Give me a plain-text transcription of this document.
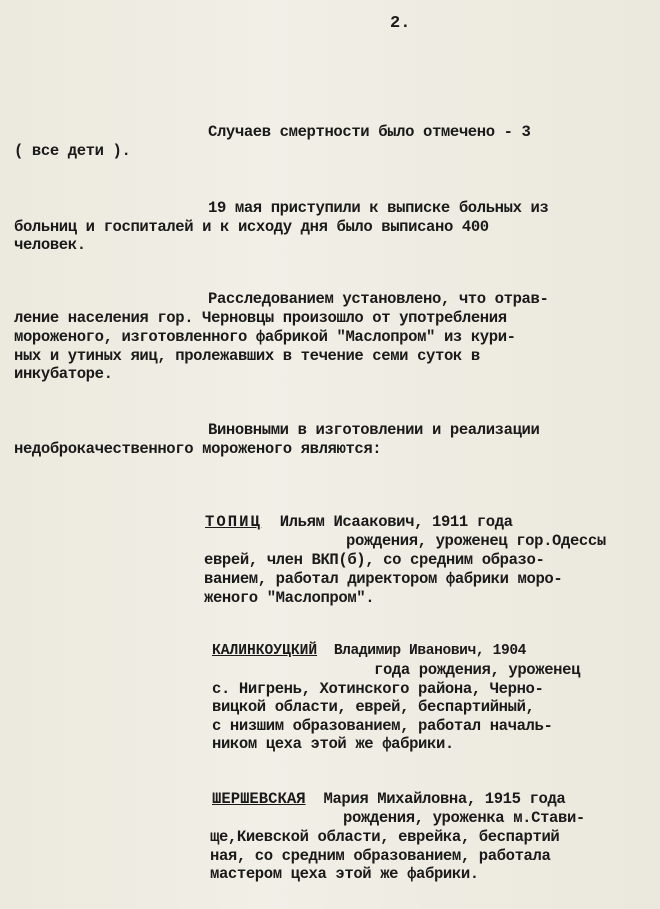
2.
Случаев смертности было отмечено - 3
( все дети ).
19 мая приступили к выписке больных из
больниц и госпиталей и к исходу дня было выписано 400
человек.
Расследованием установлено, что отрав-
ление населения гор. Черновцы произошло от употребления
мороженого, изготовленного фабрикой "Маслопром" из кури-
ных и утиных яиц, пролежавших в течение семи суток в
инкубаторе.
Виновными в изготовлении и реализации
недоброкачественного мороженого являются:
ТОПИЦ Ильям Исаакович, 1911 года
рождения, уроженец гор.Одессы
еврей, член ВКП(б), со средним образо-
ванием, работал директором фабрики моро-
женого "Маслопром".
КАЛИНКОУЦКИЙ Владимир Иванович, 1904
года рождения, уроженец
с. Нигрень, Хотинского района, Черно-
вицкой области, еврей, беспартийный,
с низшим образованием, работал началь-
ником цеха этой же фабрики.
ШЕРШЕВСКАЯ Мария Михайловна, 1915 года
рождения, уроженка м.Стави-
ще,Киевской области, еврейка, беспартий
ная, со средним образованием, работала
мастером цеха этой же фабрики.
